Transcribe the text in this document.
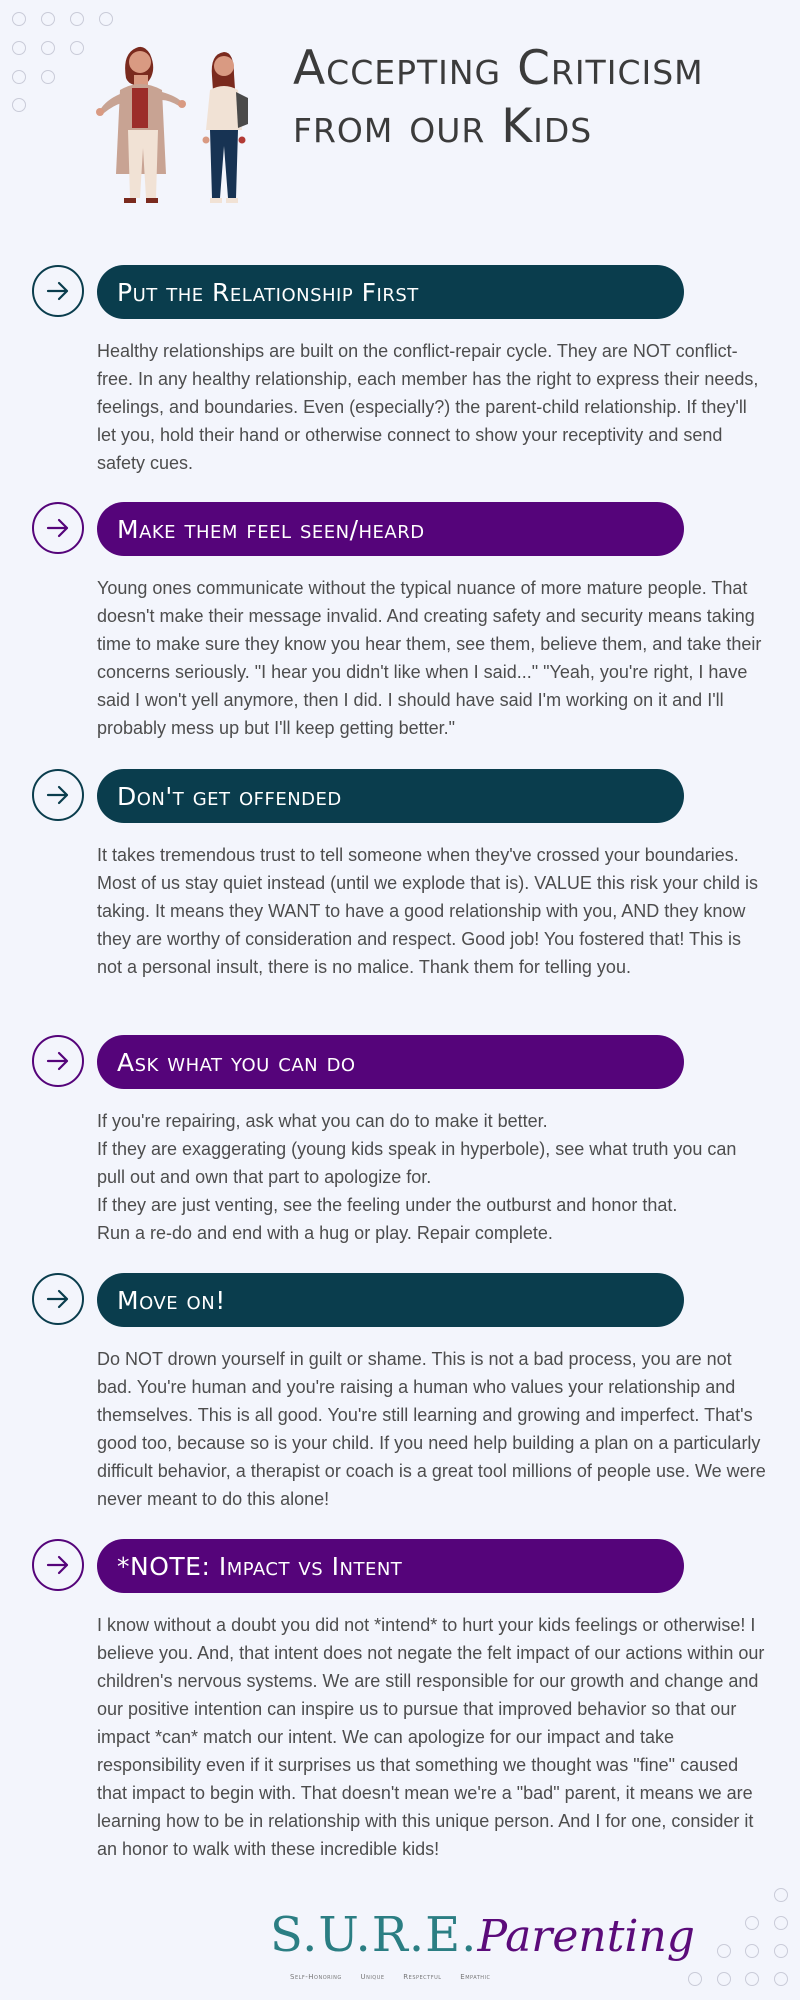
Accepting Criticism from our Kids
Put the Relationship First

Healthy relationships are built on the conflict-repair cycle. They are NOT conflict-free. In any healthy relationship, each member has the right to express their needs, feelings, and boundaries. Even (especially?) the parent-child relationship. If they'll let you, hold their hand or otherwise connect to show your receptivity and send safety cues.

Make them feel seen/heard

Young ones communicate without the typical nuance of more mature people. That doesn't make their message invalid. And creating safety and security means taking time to make sure they know you hear them, see them, believe them, and take their concerns seriously. "I hear you didn't like when I said..." "Yeah, you're right, I have said I won't yell anymore, then I did. I should have said I'm working on it and I'll probably mess up but I'll keep getting better."

Don't get offended

It takes tremendous trust to tell someone when they've crossed your boundaries. Most of us stay quiet instead (until we explode that is). VALUE this risk your child is taking. It means they WANT to have a good relationship with you, AND they know they are worthy of consideration and respect. Good job! You fostered that! This is not a personal insult, there is no malice. Thank them for telling you.

Ask what you can do

If you're repairing, ask what you can do to make it better.

If they are exaggerating (young kids speak in hyperbole), see what truth you can pull out and own that part to apologize for.

If they are just venting, see the feeling under the outburst and honor that.

Run a re-do and end with a hug or play. Repair complete.

Move on!

Do NOT drown yourself in guilt or shame. This is not a bad process, you are not bad. You're human and you're raising a human who values your relationship and themselves. This is all good. You're still learning and growing and imperfect. That's good too, because so is your child. If you need help building a plan on a particularly difficult behavior, a therapist or coach is a great tool millions of people use. We were never meant to do this alone!

*NOTE: Impact vs Intent

I know without a doubt you did not *intend* to hurt your kids feelings or otherwise! I believe you. And, that intent does not negate the felt impact of our actions within our children's nervous systems. We are still responsible for our growth and change and our positive intention can inspire us to pursue that improved behavior so that our impact *can* match our intent. We can apologize for our impact and take responsibility even if it surprises us that something we thought was "fine" caused that impact to begin with. That doesn't mean we're a "bad" parent, it means we are learning how to be in relationship with this unique person. And I for one, consider it an honor to walk with these incredible kids!

S.U.R.E.Parenting
Self-Honoring	Unique	Respectful	Empathic
